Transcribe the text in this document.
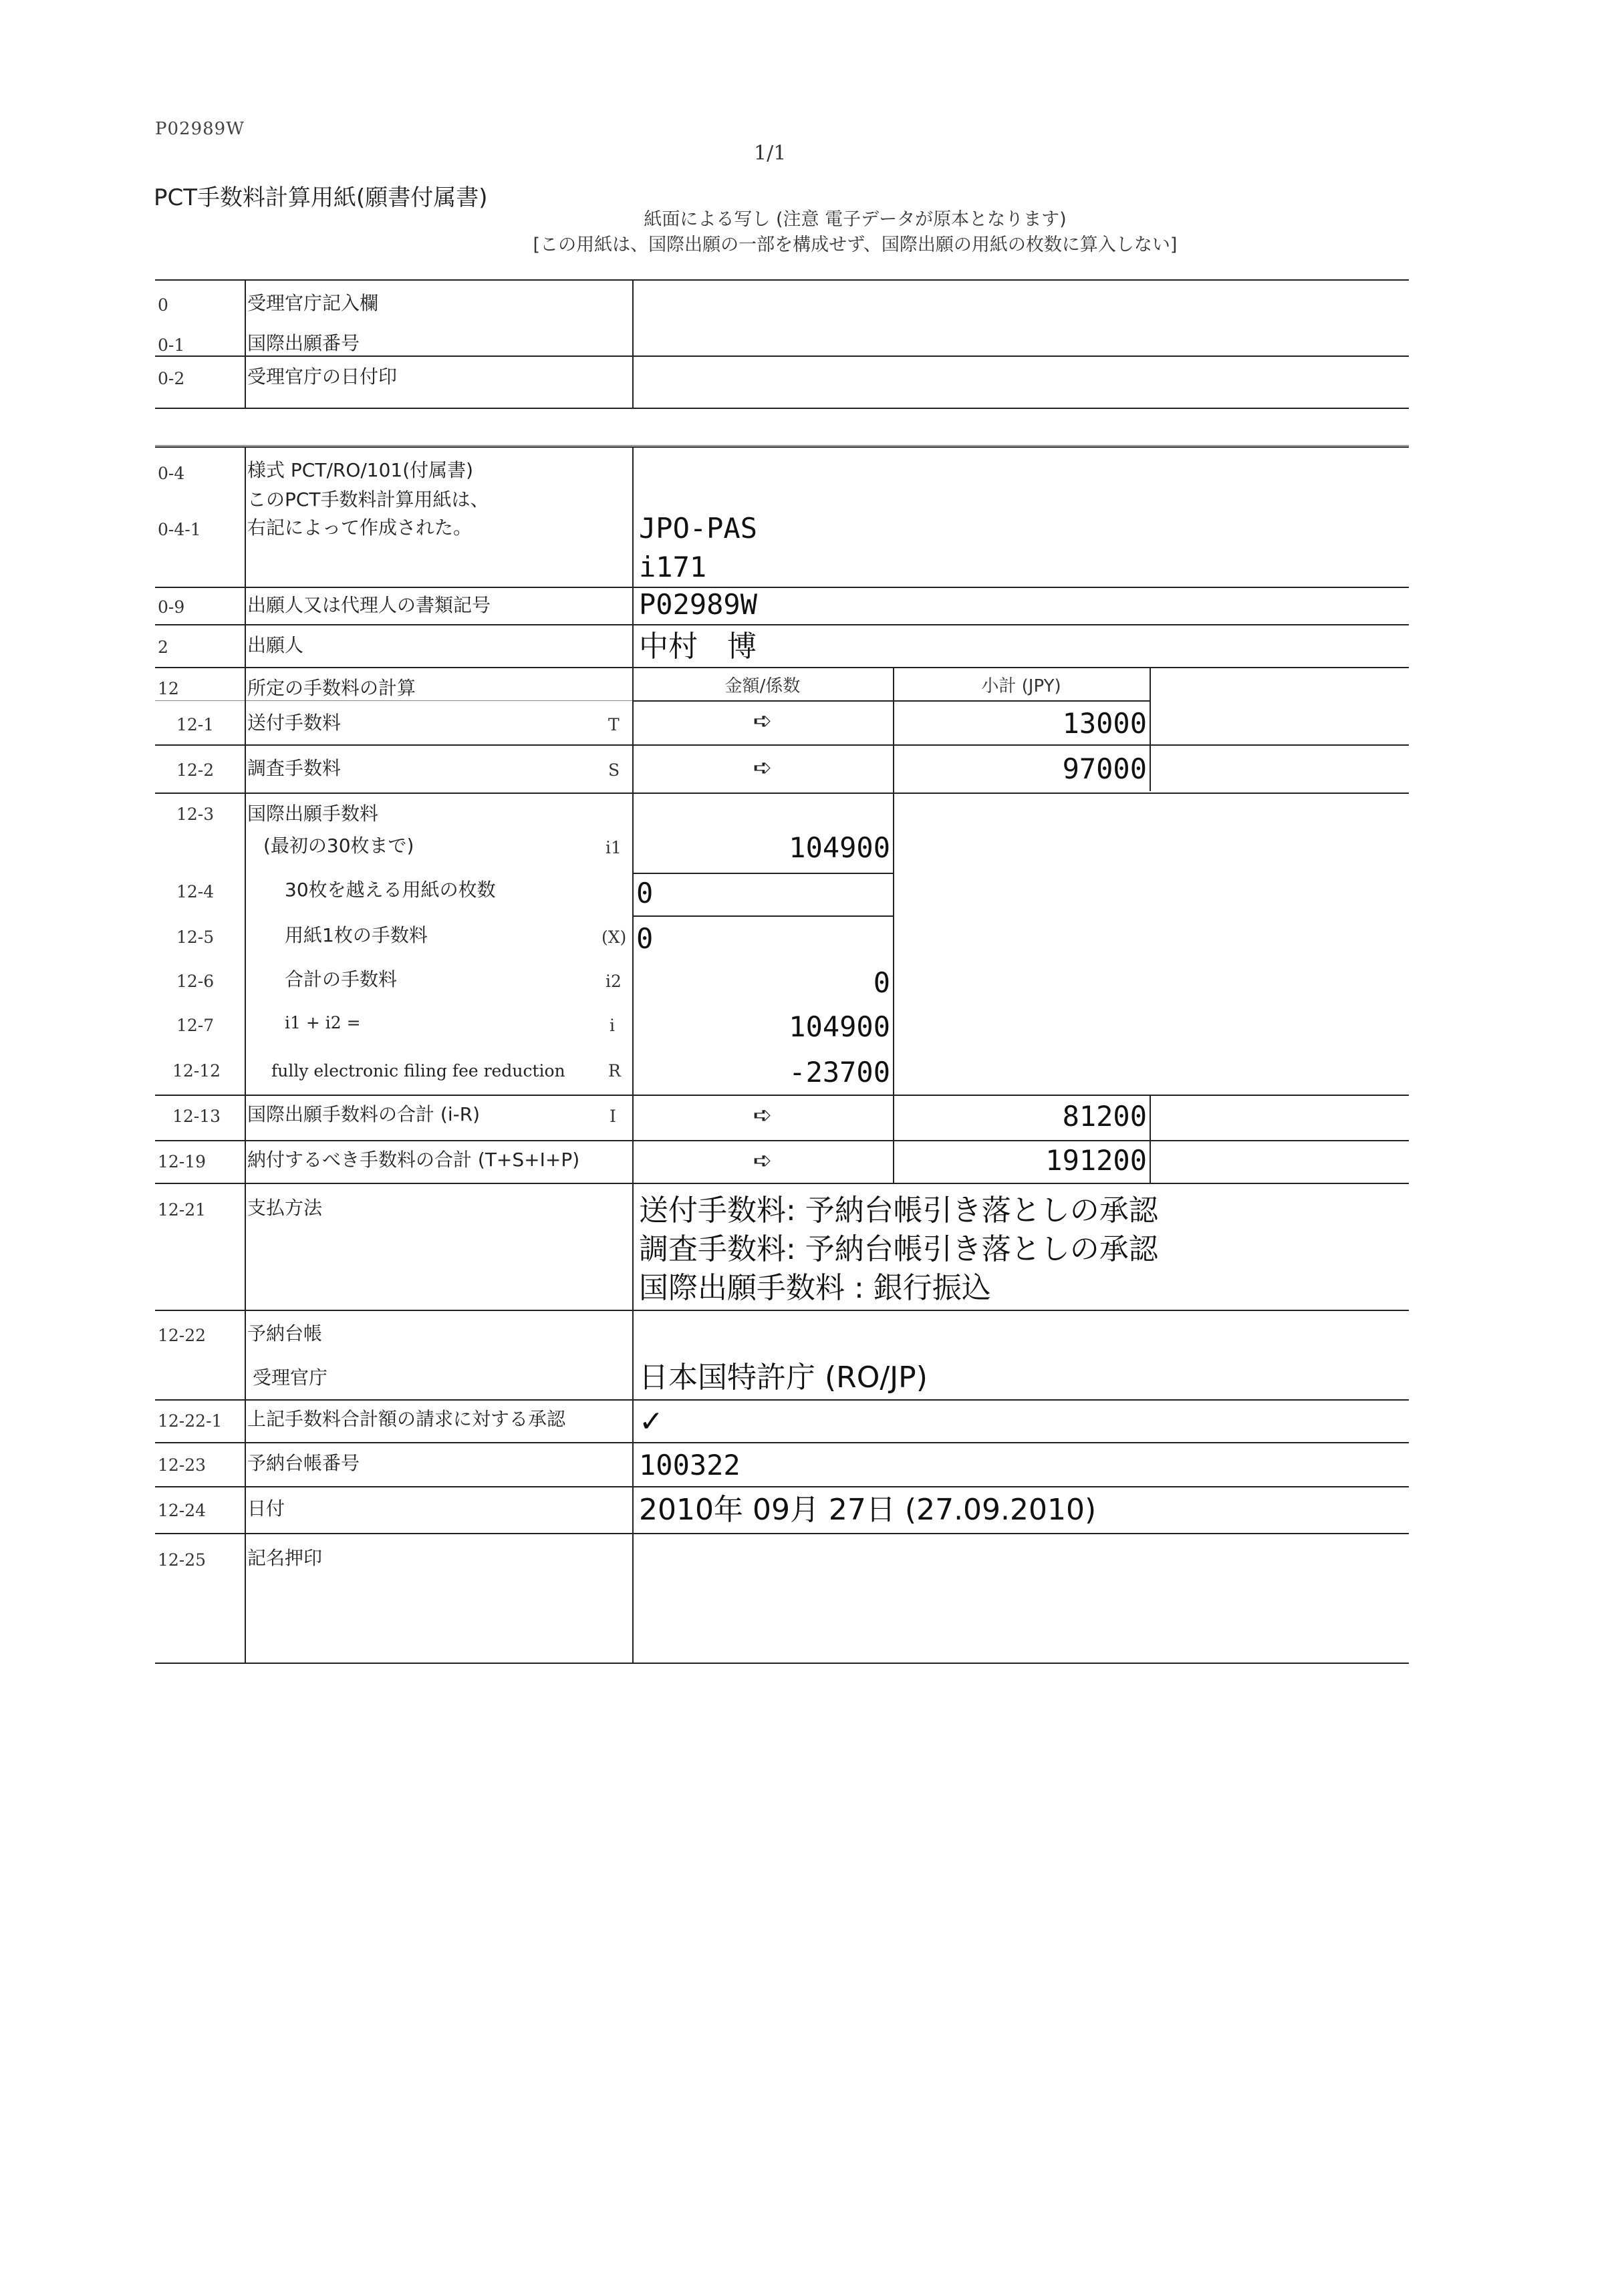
P02989W
1/1
PCT手数料計算用紙(願書付属書)
紙面による写し (注意 電子データが原本となります)
[この用紙は、国際出願の一部を構成せず、国際出願の用紙の枚数に算入しない]
0	受理官庁記入欄
0-1	国際出願番号
0-2	受理官庁の日付印
0-4	様式 PCT/RO/101(付属書)
このPCT手数料計算用紙は、
0-4-1 右記によって作成された。	JPO-PAS
i171
0-9	出願人又は代理人の書類記号	P02989W
2	出願人	中村　博
12	所定の手数料の計算	金額/係数	小計 (JPY)
12-1 送付手数料	T	➪	13000
12-2 調査手数料	S	➪	97000
12-3 国際出願手数料
(最初の30枚まで)	i1	104900
12-4	30枚を越える用紙の枚数	0
12-5	用紙1枚の手数料	(X) 0
12-6	合計の手数料	i2	0
12-7	i1 + i2 =	i	104900
12-12	fully electronic filing fee reduction	R	-23700
12-13 国際出願手数料の合計 (i-R)	I	➪	81200
12-19 納付するべき手数料の合計 (T+S+I+P)	➪	191200
12-21 支払方法	送付手数料: 予納台帳引き落としの承認
調査手数料: 予納台帳引き落としの承認
国際出願手数料 : 銀行振込
12-22 予納台帳
受理官庁	日本国特許庁 (RO/JP)
12-22-1 上記手数料合計額の請求に対する承認 ✓
12-23 予納台帳番号	100322
12-24 日付	2010年 09月 27日 (27.09.2010)
12-25 記名押印
